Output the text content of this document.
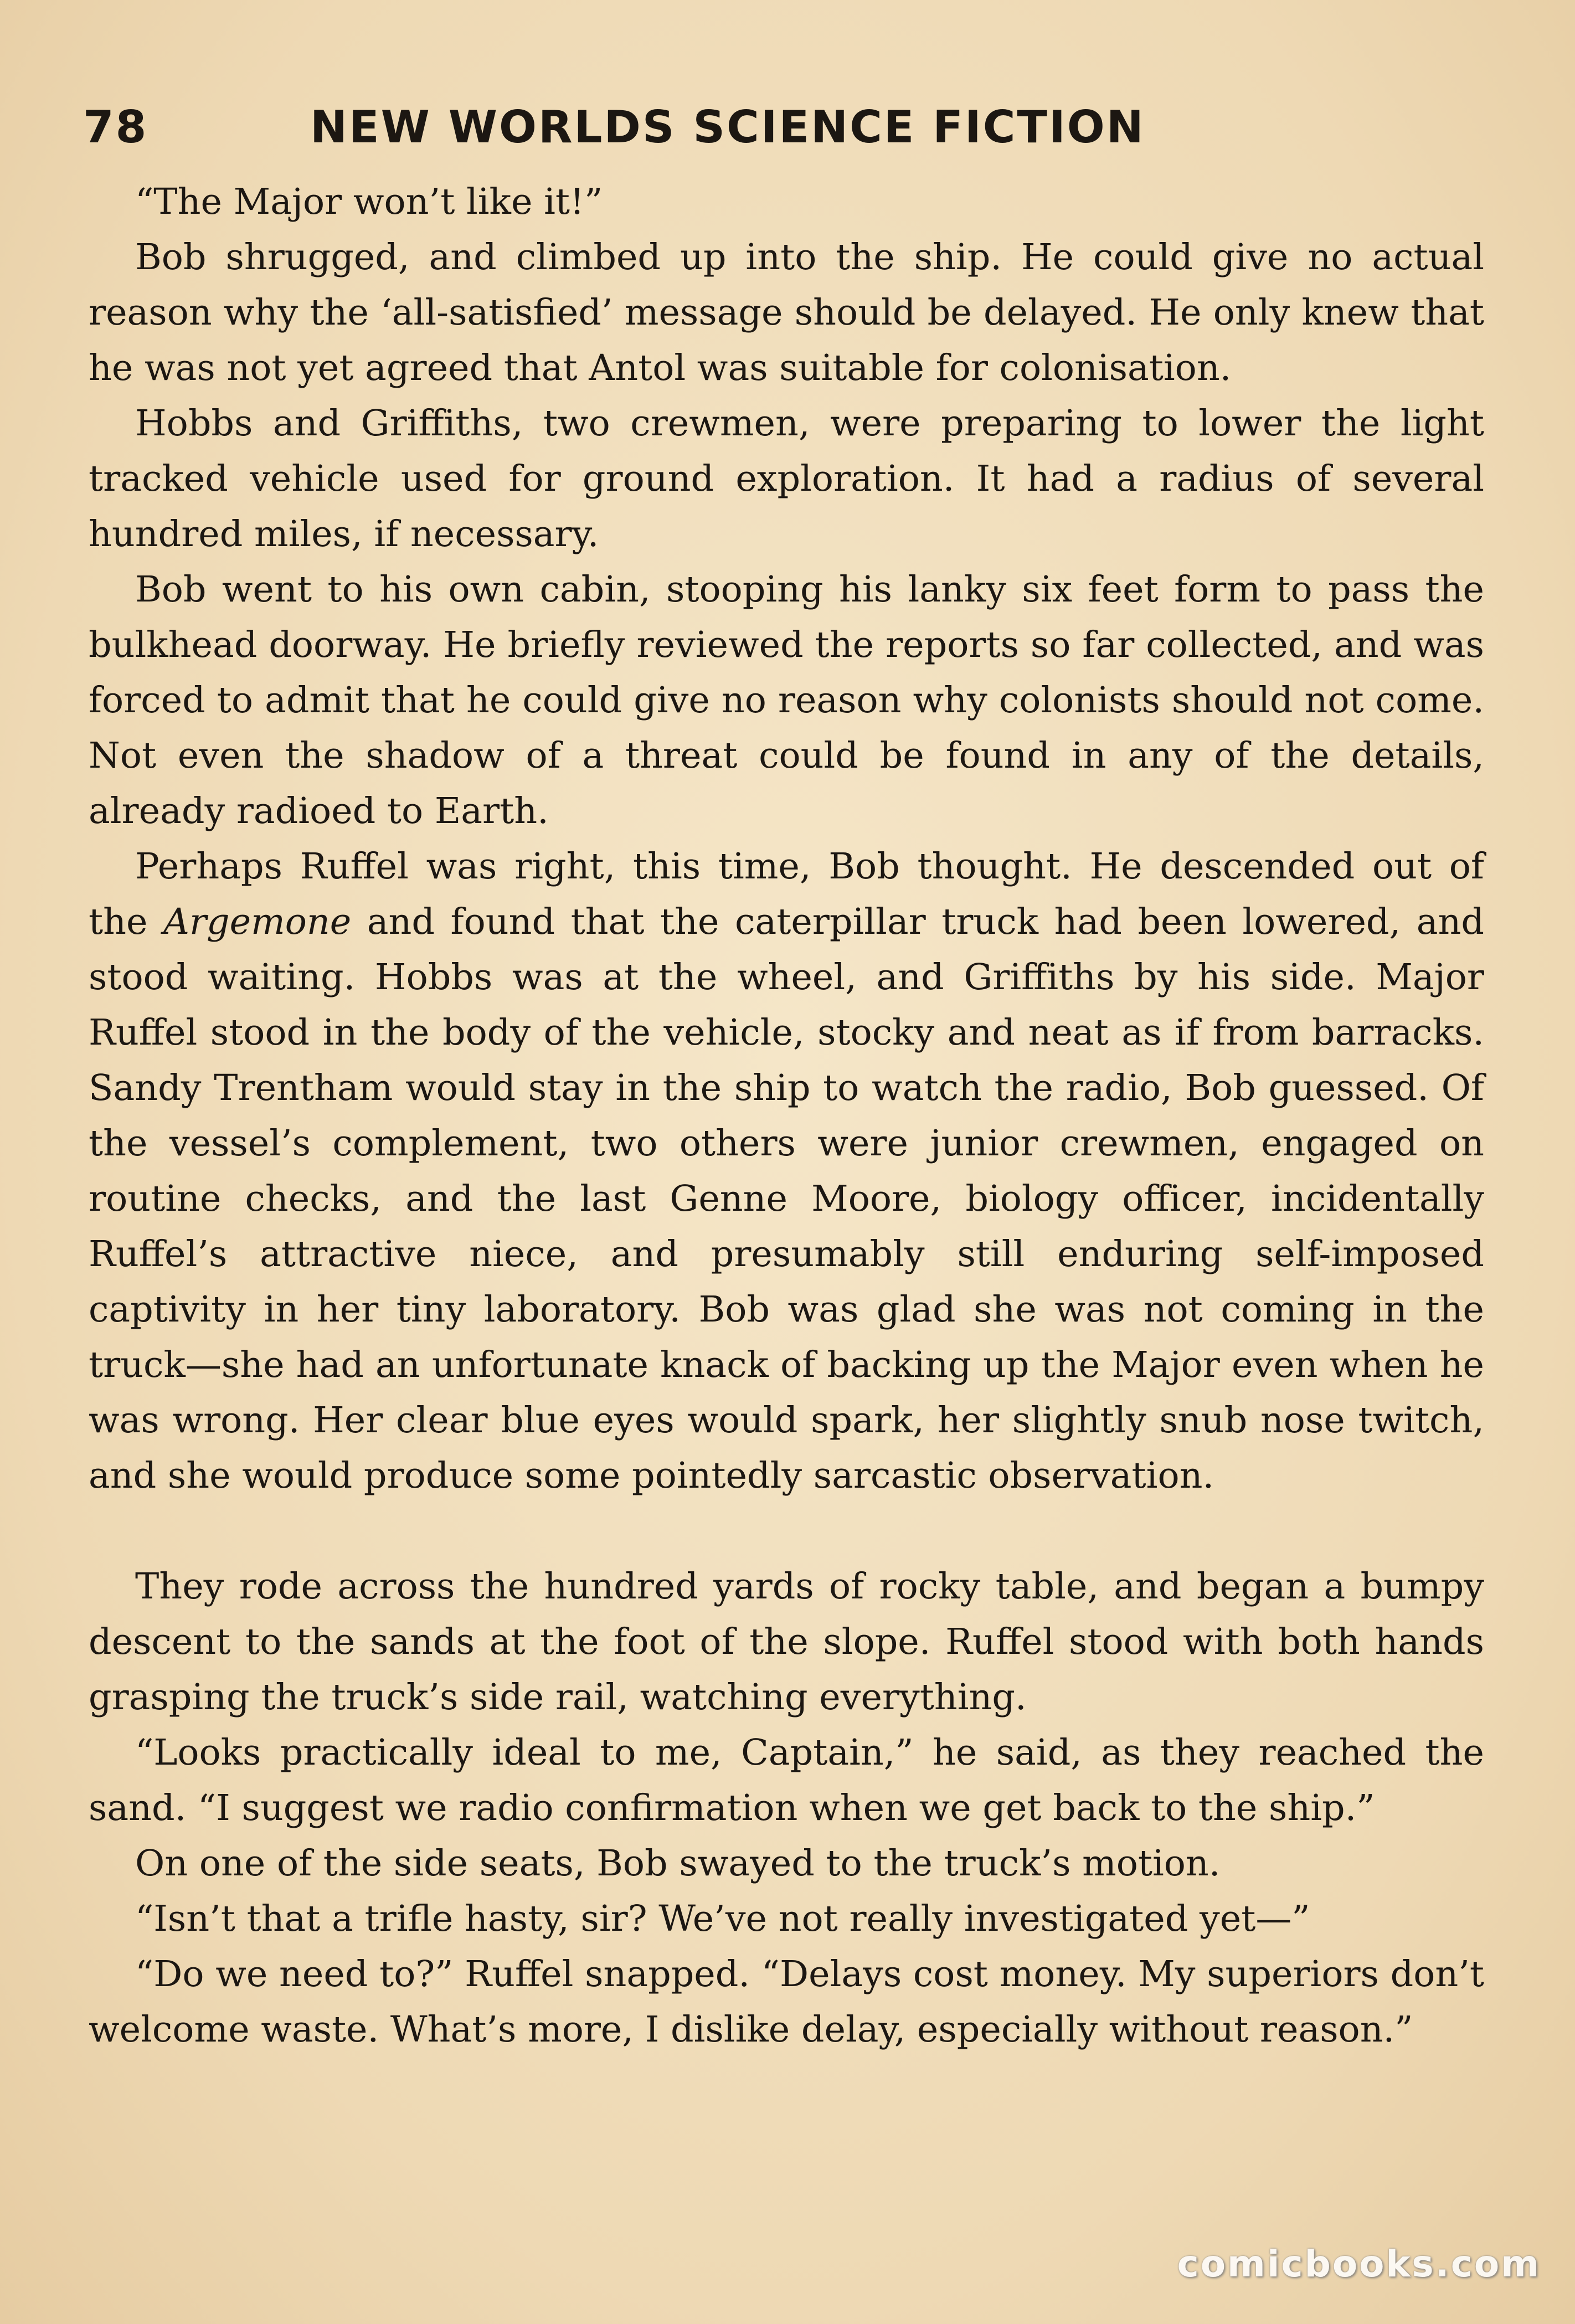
78	NEW WORLDS SCIENCE FICTION

“The Major won’t like it!”

Bob shrugged, and climbed up into the ship. He could give no actual reason why the ‘all-satisfied’ message should be delayed. He only knew that he was not yet agreed that Antol was suitable for colonisation.

Hobbs and Griffiths, two crewmen, were preparing to lower the light tracked vehicle used for ground exploration. It had a radius of several hundred miles, if necessary.

Bob went to his own cabin, stooping his lanky six feet form to pass the bulkhead doorway. He briefly reviewed the reports so far collected, and was forced to admit that he could give no reason why colonists should not come. Not even the shadow of a threat could be found in any of the details, already radioed to Earth.

Perhaps Ruffel was right, this time, Bob thought. He descended out of the Argemone and found that the caterpillar truck had been lowered, and stood waiting. Hobbs was at the wheel, and Griffiths by his side. Major Ruffel stood in the body of the vehicle, stocky and neat as if from barracks. Sandy Trentham would stay in the ship to watch the radio, Bob guessed. Of the vessel’s complement, two others were junior crewmen, engaged on routine checks, and the last Genne Moore, biology officer, incidentally Ruffel’s attractive niece, and presumably still enduring self-imposed captivity in her tiny laboratory. Bob was glad she was not coming in the truck—she had an unfortunate knack of backing up the Major even when he was wrong. Her clear blue eyes would spark, her slightly snub nose twitch, and she would produce some pointedly sarcastic observation.

They rode across the hundred yards of rocky table, and began a bumpy descent to the sands at the foot of the slope. Ruffel stood with both hands grasping the truck’s side rail, watching everything.

“Looks practically ideal to me, Captain,” he said, as they reached the sand. “I suggest we radio confirmation when we get back to the ship.”

On one of the side seats, Bob swayed to the truck’s motion.

“Isn’t that a trifle hasty, sir? We’ve not really investigated yet—”

“Do we need to?” Ruffel snapped. “Delays cost money. My superiors don’t welcome waste. What’s more, I dislike delay, especially without reason.”

comicbooks.com
